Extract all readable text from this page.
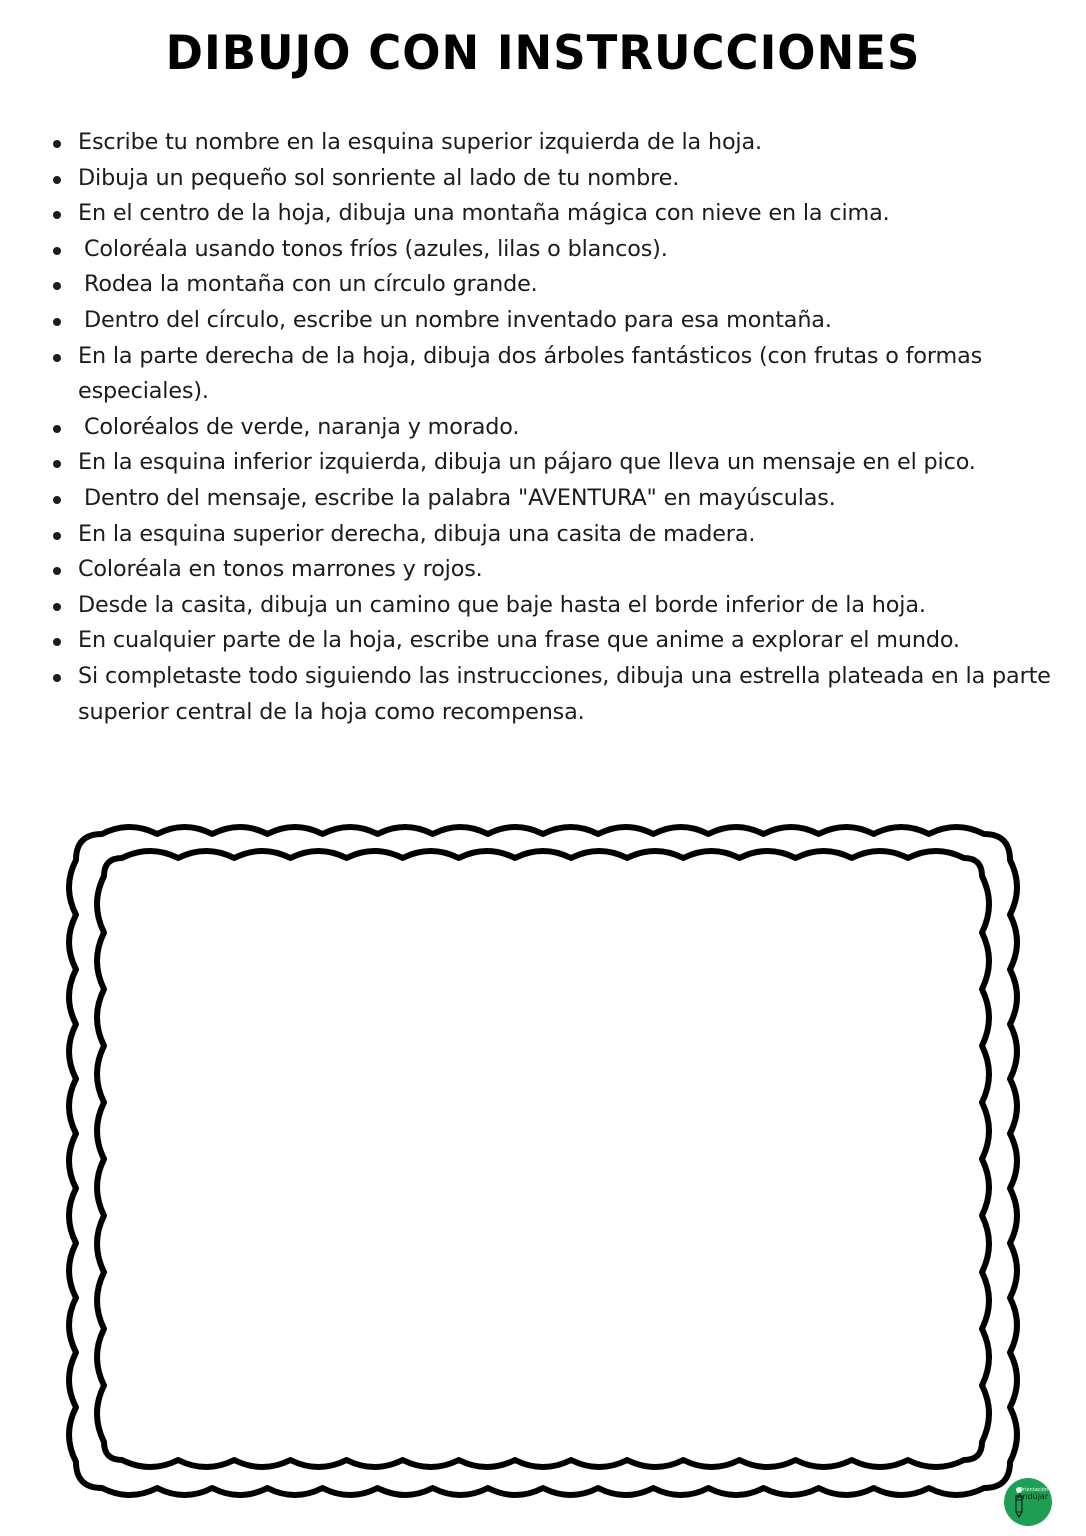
DIBUJO CON INSTRUCCIONES
Escribe tu nombre en la esquina superior izquierda de la hoja.
Dibuja un pequeño sol sonriente al lado de tu nombre.
En el centro de la hoja, dibuja una montaña mágica con nieve en la cima.
Coloréala usando tonos fríos (azules, lilas o blancos).
Rodea la montaña con un círculo grande.
Dentro del círculo, escribe un nombre inventado para esa montaña.
En la parte derecha de la hoja, dibuja dos árboles fantásticos (con frutas o formas especiales).
Coloréalos de verde, naranja y morado.
En la esquina inferior izquierda, dibuja un pájaro que lleva un mensaje en el pico.
Dentro del mensaje, escribe la palabra "AVENTURA" en mayúsculas.
En la esquina superior derecha, dibuja una casita de madera.
Coloréala en tonos marrones y rojos.
Desde la casita, dibuja un camino que baje hasta el borde inferior de la hoja.
En cualquier parte de la hoja, escribe una frase que anime a explorar el mundo.
Si completaste todo siguiendo las instrucciones, dibuja una estrella plateada en la parte superior central de la hoja como recompensa.
Orientación
Andújar
